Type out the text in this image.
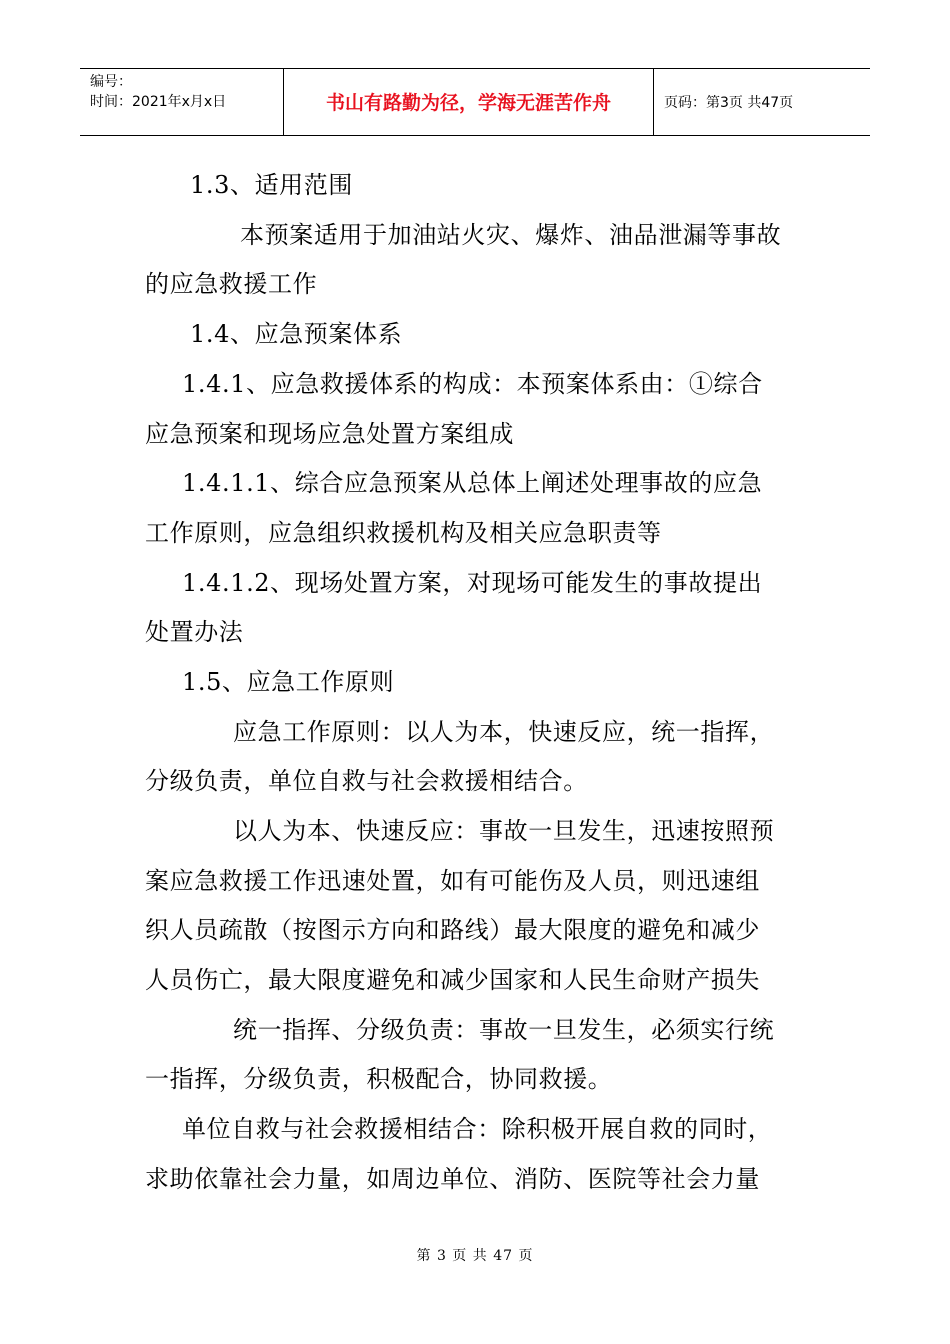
编号：
时间：2021年x月x日	书山有路勤为径，学海无涯苦作舟	页码：第3页 共47页
1.3、适用范围
本预案适用于加油站火灾、爆炸、油品泄漏等事故
的应急救援工作
1.4、应急预案体系
1.4.1、应急救援体系的构成：本预案体系由：①综合
应急预案和现场应急处置方案组成
1.4.1.1、综合应急预案从总体上阐述处理事故的应急
工作原则，应急组织救援机构及相关应急职责等
1.4.1.2、现场处置方案，对现场可能发生的事故提出
处置办法
1.5、应急工作原则
应急工作原则：以人为本，快速反应，统一指挥，
分级负责，单位自救与社会救援相结合。
以人为本、快速反应：事故一旦发生，迅速按照预
案应急救援工作迅速处置，如有可能伤及人员，则迅速组
织人员疏散（按图示方向和路线）最大限度的避免和减少
人员伤亡，最大限度避免和减少国家和人民生命财产损失
统一指挥、分级负责：事故一旦发生，必须实行统
一指挥，分级负责，积极配合，协同救援。
单位自救与社会救援相结合：除积极开展自救的同时，
求助依靠社会力量，如周边单位、消防、医院等社会力量
第 3 页 共 47 页
